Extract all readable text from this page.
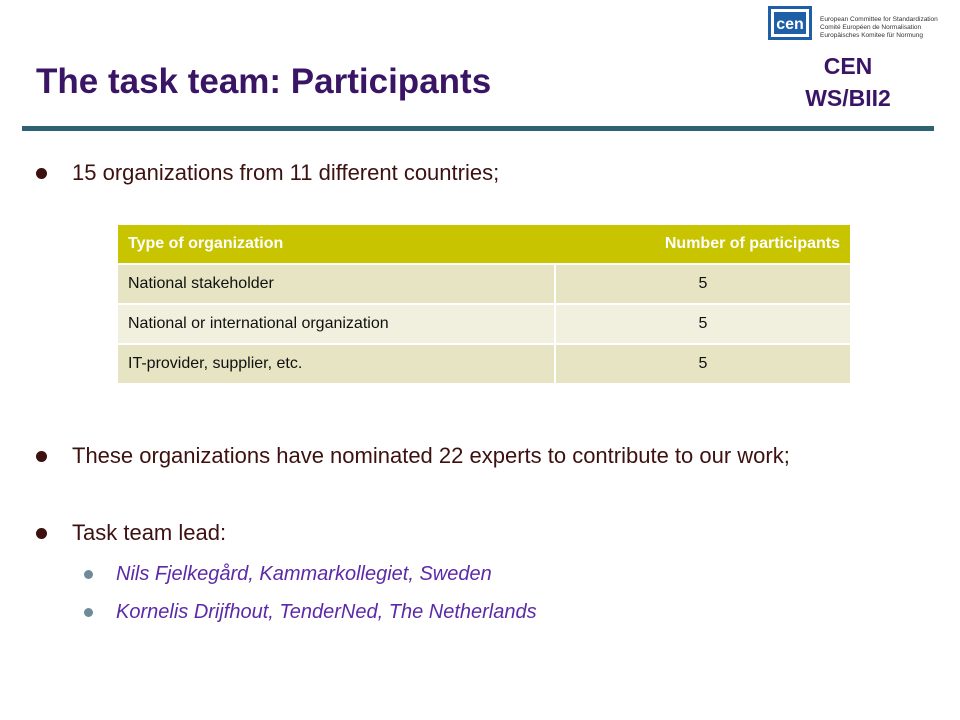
cen European Committee for Standardization
Comité Européen de Normalisation
Europäisches Komitee für Normung
CEN
WS/BII2
The task team: Participants
15 organizations from 11 different countries;
Type of organization	Number of participants
National stakeholder	5
National or international organization	5
IT-provider, supplier, etc.	5
These organizations have nominated 22 experts to contribute to our work;
Task team lead:
Nils Fjelkegård, Kammarkollegiet, Sweden
Kornelis Drijfhout, TenderNed, The Netherlands
